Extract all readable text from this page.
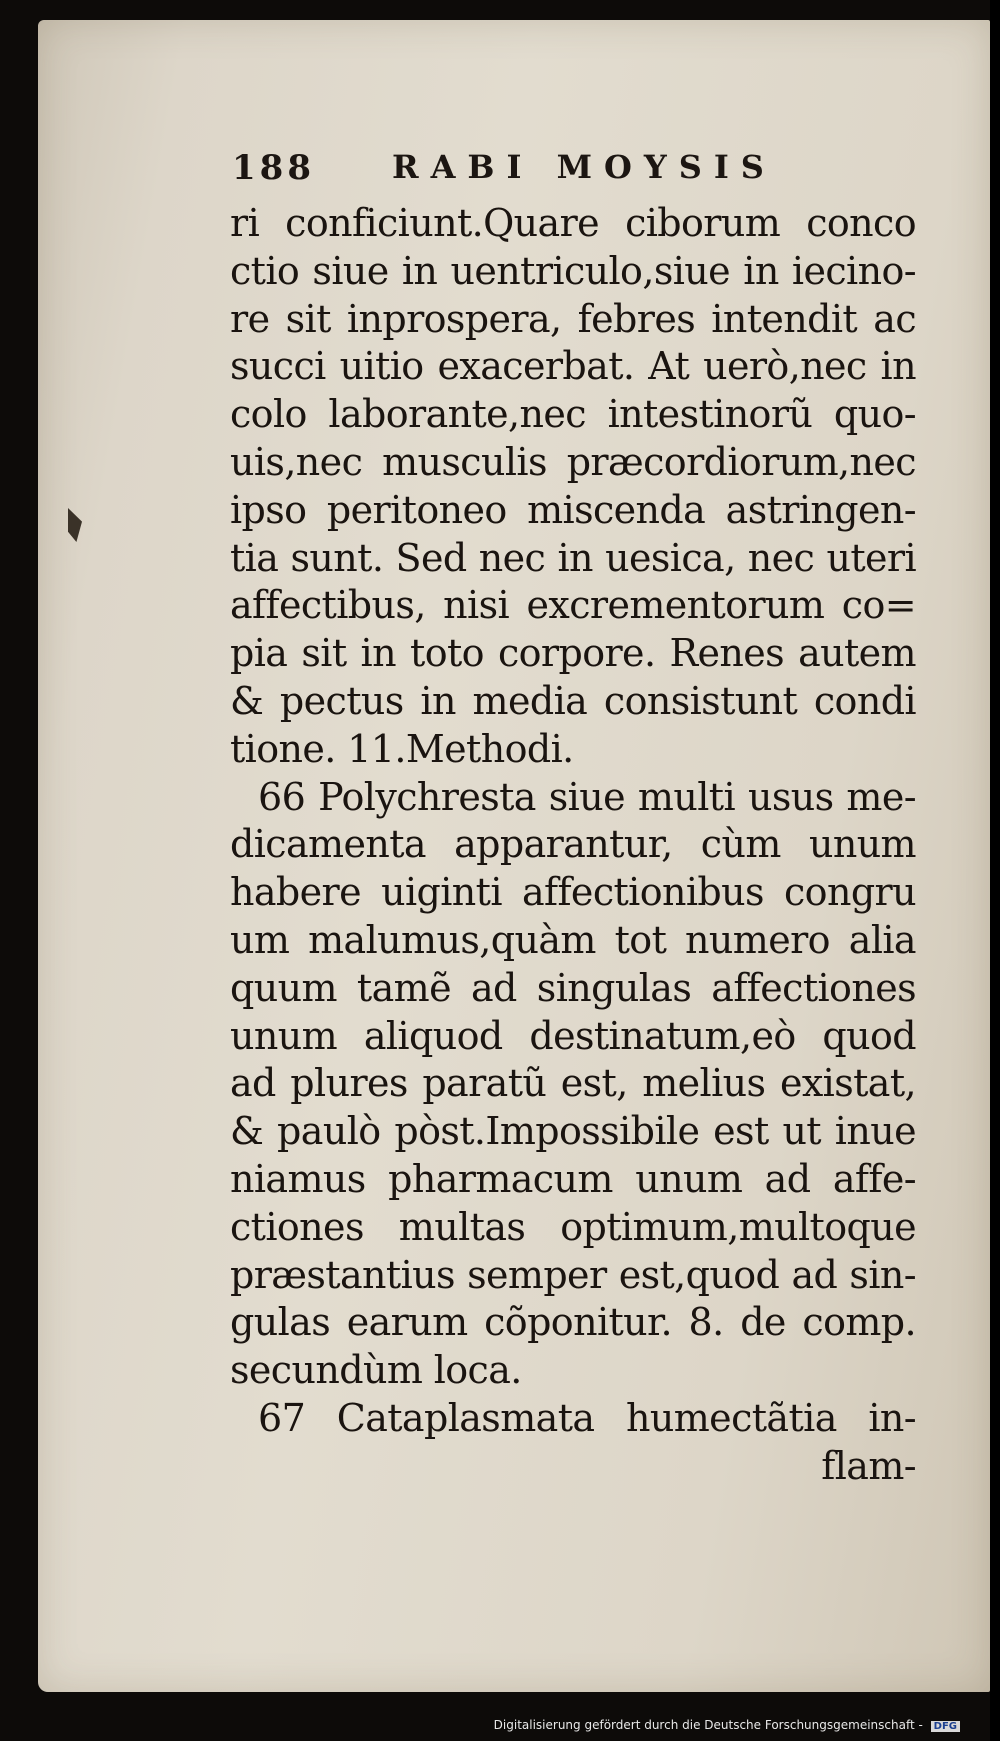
188 RABI MOYSIS
ri conficiunt.Quare ciborum conco
ctio siue in uentriculo,siue in iecino-
re sit inprospera, febres intendit ac
succi uitio exacerbat. At uerò,nec in
colo laborante,nec intestinorũ quo-
uis,nec musculis præcordiorum,nec
ipso peritoneo miscenda astringen-
tia sunt. Sed nec in uesica, nec uteri
affectibus, nisi excrementorum co=
pia sit in toto corpore. Renes autem
& pectus in media consistunt condi
tione. 11.Methodi.
66 Polychresta siue multi usus me-
dicamenta apparantur, cùm unum
habere uiginti affectionibus congru
um malumus,quàm tot numero alia
quum tamẽ ad singulas affectiones
unum aliquod destinatum,eò quod
ad plures paratũ est, melius existat,
& paulò pòst.Impossibile est ut inue
niamus pharmacum unum ad affe-
ctiones multas optimum,multoque
præstantius semper est,quod ad sin-
gulas earum cõponitur. 8. de comp.
secundùm loca.
67 Cataplasmata humectãtia in-
flam-
Digitalisierung gefördert durch die Deutsche Forschungsgemeinschaft - DFG
